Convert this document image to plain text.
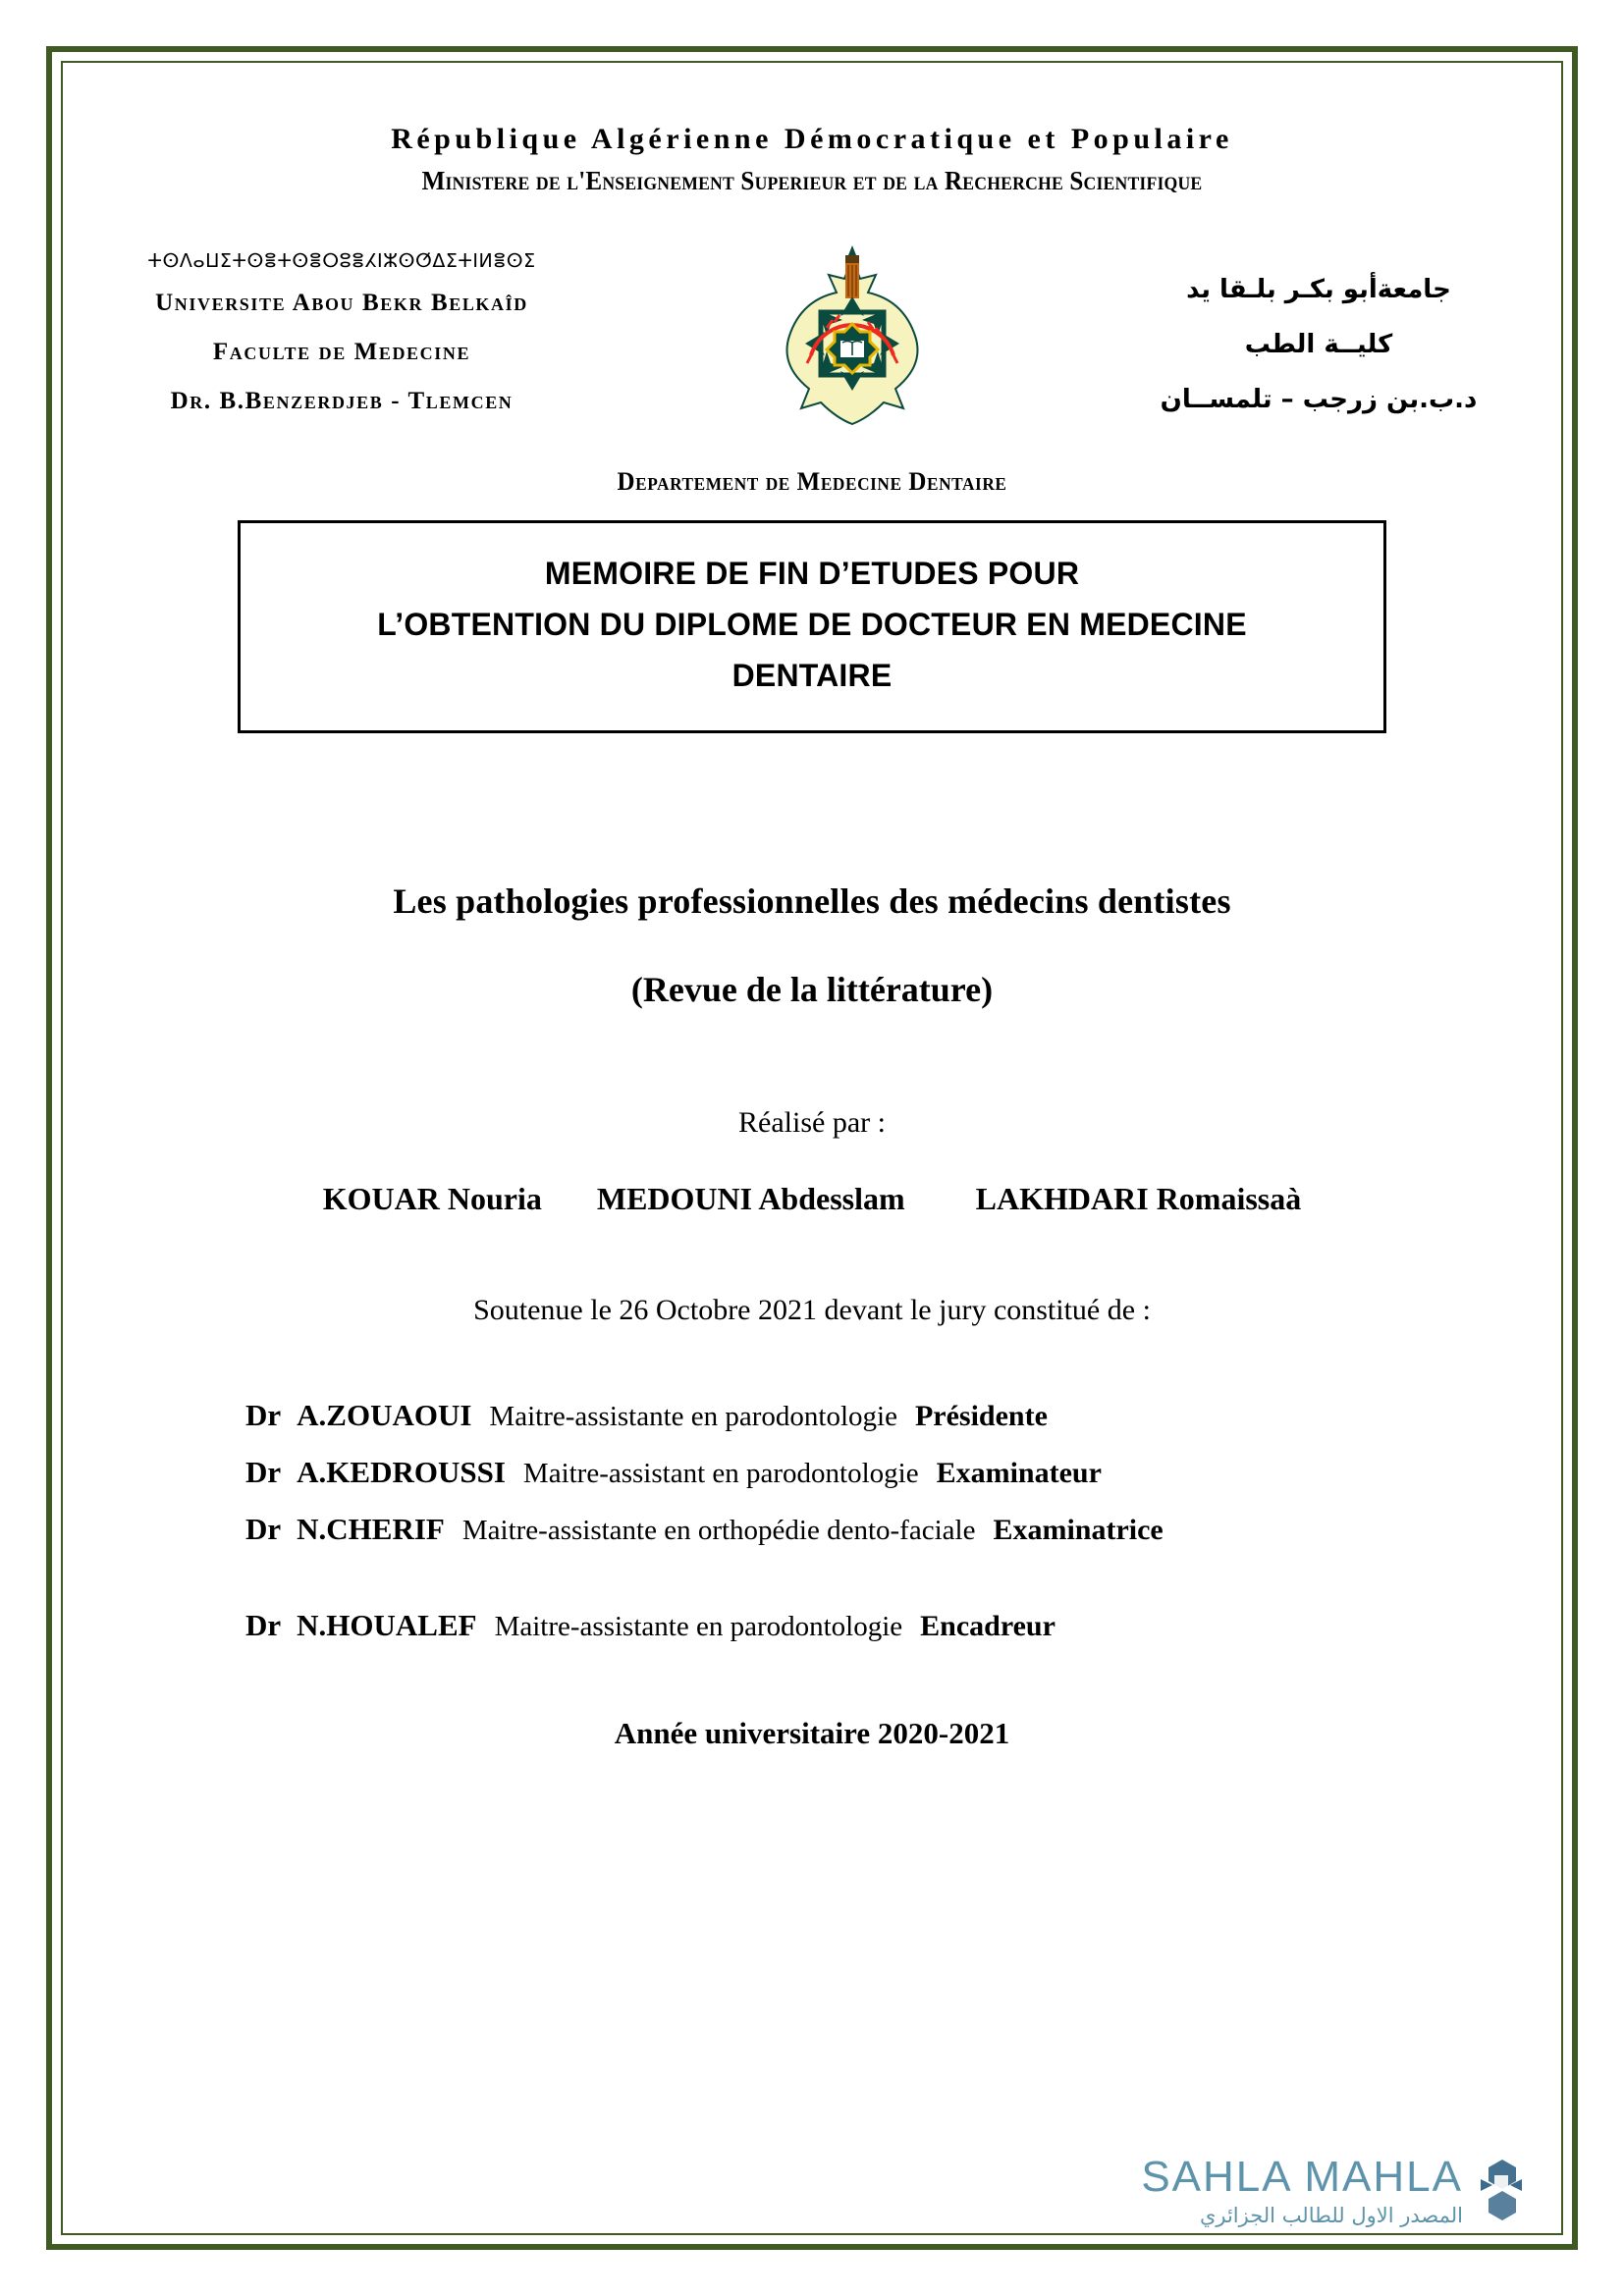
République Algérienne Démocratique et Populaire
Ministere de l'Enseignement Superieur et de la Recherche Scientifique
ⵜⵙⴷⴰⵡⵉⵜⵙⴻⵜⵙⴻⵔⵓⴻⵃⵏⵣⵙⵚⵠⵉⵜⵏⵍⴻⵙⵉ
Universite Abou Bekr Belkaîd
Faculte de Medecine
Dr. B.Benzerdjeb - Tlemcen
جامعةأبو بكـر بلـقا يد
كليــة الطب
د.ب.بن زرجب – تلمســان
Departement de Medecine Dentaire
MEMOIRE DE FIN D’ETUDES POUR
L’OBTENTION DU DIPLOME DE DOCTEUR EN MEDECINE
DENTAIRE
Les pathologies professionnelles des médecins dentistes
(Revue de la littérature)
Réalisé par :
KOUAR Nouria MEDOUNI Abdesslam LAKHDARI Romaissaà
Soutenue le 26 Octobre 2021 devant le jury constitué de :
Dr A.ZOUAOUI Maitre-assistante en parodontologie Présidente
Dr A.KEDROUSSI Maitre-assistant en parodontologie Examinateur
Dr N.CHERIF Maitre-assistante en orthopédie dento-faciale Examinatrice
Dr N.HOUALEF Maitre-assistante en parodontologie Encadreur
Année universitaire 2020-2021
SAHLA MAHLA
المصدر الاول للطالب الجزائري
